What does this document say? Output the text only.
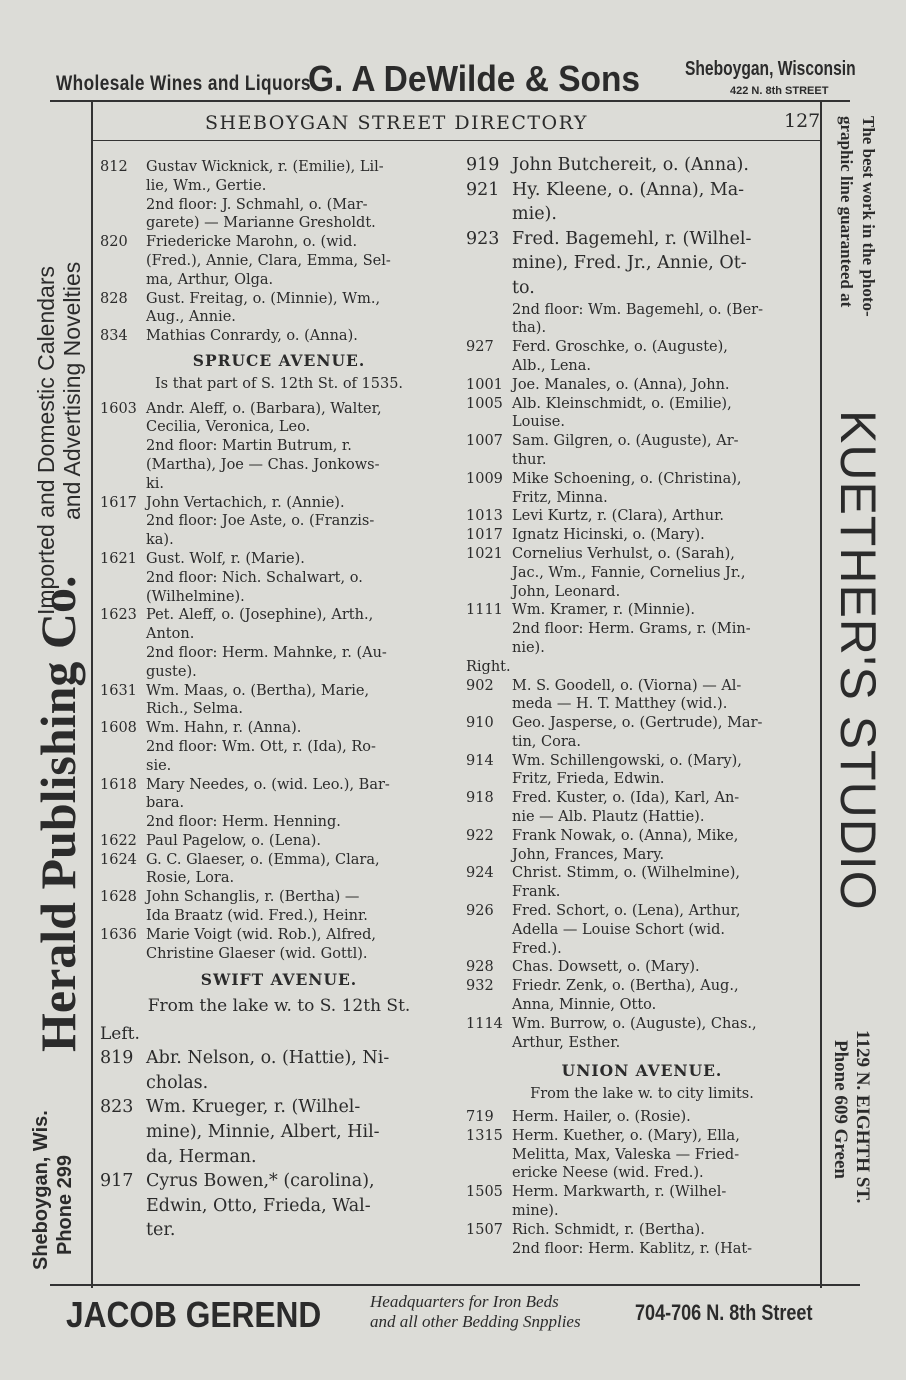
Wholesale Wines and Liquors
G. A DeWilde & Sons Sheboygan, Wisconsin
422 N. 8th STREET
SHEBOYGAN STREET DIRECTORY	127
Imported and Domestic Calendars and Advertising Novelties
Herald Publishing Co.
Sheboygan, Wis. Phone 299
The best work in the photo-
graphic line guaranteed at
KUETHER'S STUDIO
1129 N. EIGHTH ST.
Phone 609 Green
812	Gustav Wicknick, r. (Emilie), Lil-
lie, Wm., Gertie.
2nd floor: J. Schmahl, o. (Mar-
garete) — Marianne Gresholdt.
820	Friedericke Marohn, o. (wid.
(Fred.), Annie, Clara, Emma, Sel-
ma, Arthur, Olga.
828	Gust. Freitag, o. (Minnie), Wm.,
Aug., Annie.
834	Mathias Conrardy, o. (Anna).
SPRUCE AVENUE.
Is that part of S. 12th St. of 1535.
1603 Andr. Aleff, o. (Barbara), Walter,
Cecilia, Veronica, Leo.
2nd floor: Martin Butrum, r.
(Martha), Joe — Chas. Jonkows-
ki.
1617 John Vertachich, r. (Annie).
2nd floor: Joe Aste, o. (Franzis-
ka).
1621 Gust. Wolf, r. (Marie).
2nd floor: Nich. Schalwart, o.
(Wilhelmine).
1623 Pet. Aleff, o. (Josephine), Arth.,
Anton.
2nd floor: Herm. Mahnke, r. (Au-
guste).
1631 Wm. Maas, o. (Bertha), Marie,
Rich., Selma.
1608 Wm. Hahn, r. (Anna).
2nd floor: Wm. Ott, r. (Ida), Ro-
sie.
1618 Mary Needes, o. (wid. Leo.), Bar-
bara.
2nd floor: Herm. Henning.
1622 Paul Pagelow, o. (Lena).
1624 G. C. Glaeser, o. (Emma), Clara,
Rosie, Lora.
1628 John Schanglis, r. (Bertha) —
Ida Braatz (wid. Fred.), Heinr.
1636 Marie Voigt (wid. Rob.), Alfred,
Christine Glaeser (wid. Gottl).
SWIFT AVENUE.
From the lake w. to S. 12th St.
Left.
819 Abr. Nelson, o. (Hattie), Ni-
cholas.
823 Wm. Krueger, r. (Wilhel-
mine), Minnie, Albert, Hil-
da, Herman.
917 Cyrus Bowen,* (carolina),
Edwin, Otto, Frieda, Wal-
ter.
919 John Butchereit, o. (Anna).
921 Hy. Kleene, o. (Anna), Ma-
mie).
923 Fred. Bagemehl, r. (Wilhel-
mine), Fred. Jr., Annie, Ot-
to.
2nd floor: Wm. Bagemehl, o. (Ber-
tha).
927	Ferd. Groschke, o. (Auguste),
Alb., Lena.
1001 Joe. Manales, o. (Anna), John.
1005 Alb. Kleinschmidt, o. (Emilie),
Louise.
1007 Sam. Gilgren, o. (Auguste), Ar-
thur.
1009 Mike Schoening, o. (Christina),
Fritz, Minna.
1013 Levi Kurtz, r. (Clara), Arthur.
1017 Ignatz Hicinski, o. (Mary).
1021 Cornelius Verhulst, o. (Sarah),
Jac., Wm., Fannie, Cornelius Jr.,
John, Leonard.
1111 Wm. Kramer, r. (Minnie).
2nd floor: Herm. Grams, r. (Min-
nie).
Right.
902	M. S. Goodell, o. (Viorna) — Al-
meda — H. T. Matthey (wid.).
910	Geo. Jasperse, o. (Gertrude), Mar-
tin, Cora.
914	Wm. Schillengowski, o. (Mary),
Fritz, Frieda, Edwin.
918	Fred. Kuster, o. (Ida), Karl, An-
nie — Alb. Plautz (Hattie).
922	Frank Nowak, o. (Anna), Mike,
John, Frances, Mary.
924	Christ. Stimm, o. (Wilhelmine),
Frank.
926	Fred. Schort, o. (Lena), Arthur,
Adella — Louise Schort (wid.
Fred.).
928	Chas. Dowsett, o. (Mary).
932	Friedr. Zenk, o. (Bertha), Aug.,
Anna, Minnie, Otto.
1114 Wm. Burrow, o. (Auguste), Chas.,
Arthur, Esther.
UNION AVENUE.
From the lake w. to city limits.
719	Herm. Hailer, o. (Rosie).
1315 Herm. Kuether, o. (Mary), Ella,
Melitta, Max, Valeska — Fried-
ericke Neese (wid. Fred.).
1505 Herm. Markwarth, r. (Wilhel-
mine).
1507 Rich. Schmidt, r. (Bertha).
2nd floor: Herm. Kablitz, r. (Hat-
JACOB GEREND	Headquarters for Iron Beds
and all other Bedding Snpplies 704-706 N. 8th Street
